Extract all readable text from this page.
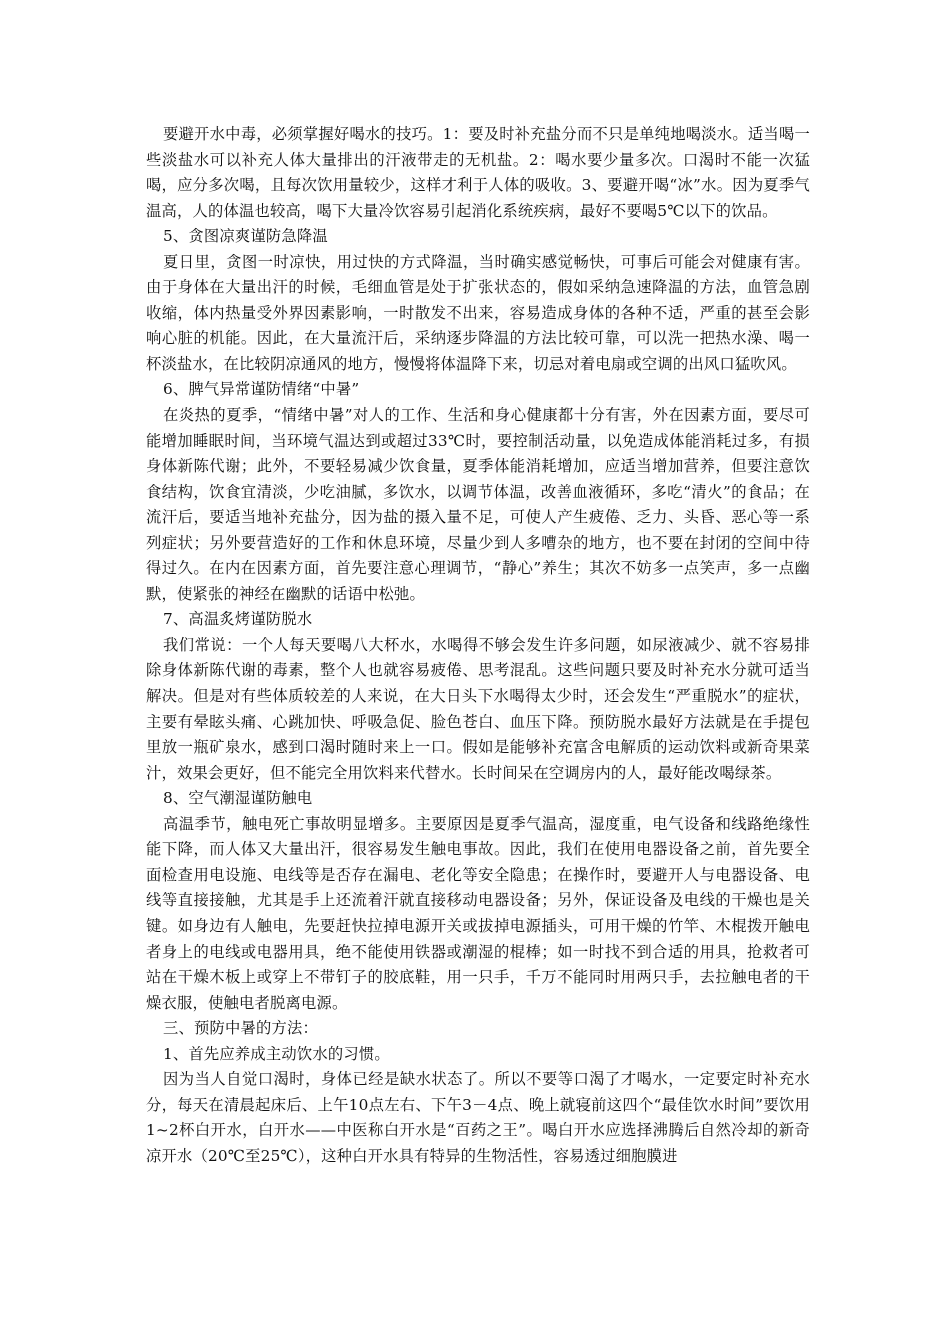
要避开水中毒，必须掌握好喝水的技巧。1：要及时补充盐分而不只是单纯地喝淡水。适当喝一些淡盐水可以补充人体大量排出的汗液带走的无机盐。2：喝水要少量多次。口渴时不能一次猛喝，应分多次喝，且每次饮用量较少，这样才利于人体的吸收。3、要避开喝“冰”水。因为夏季气温高，人的体温也较高，喝下大量冷饮容易引起消化系统疾病，最好不要喝5℃以下的饮品。

5、贪图凉爽谨防急降温

夏日里，贪图一时凉快，用过快的方式降温，当时确实感觉畅快，可事后可能会对健康有害。由于身体在大量出汗的时候，毛细血管是处于扩张状态的，假如采纳急速降温的方法，血管急剧收缩，体内热量受外界因素影响，一时散发不出来，容易造成身体的各种不适，严重的甚至会影响心脏的机能。因此，在大量流汗后，采纳逐步降温的方法比较可靠，可以洗一把热水澡、喝一杯淡盐水，在比较阴凉通风的地方，慢慢将体温降下来，切忌对着电扇或空调的出风口猛吹风。

6、脾气异常谨防情绪“中暑”

在炎热的夏季，“情绪中暑”对人的工作、生活和身心健康都十分有害，外在因素方面，要尽可能增加睡眠时间，当环境气温达到或超过33℃时，要控制活动量，以免造成体能消耗过多，有损身体新陈代谢；此外，不要轻易减少饮食量，夏季体能消耗增加，应适当增加营养，但要注意饮食结构，饮食宜清淡，少吃油腻，多饮水，以调节体温，改善血液循环，多吃“清火”的食品；在流汗后，要适当地补充盐分，因为盐的摄入量不足，可使人产生疲倦、乏力、头昏、恶心等一系列症状；另外要营造好的工作和休息环境，尽量少到人多嘈杂的地方，也不要在封闭的空间中待得过久。在内在因素方面，首先要注意心理调节，“静心”养生；其次不妨多一点笑声，多一点幽默，使紧张的神经在幽默的话语中松弛。

7、高温炙烤谨防脱水

我们常说：一个人每天要喝八大杯水，水喝得不够会发生许多问题，如尿液减少、就不容易排除身体新陈代谢的毒素，整个人也就容易疲倦、思考混乱。这些问题只要及时补充水分就可适当解决。但是对有些体质较差的人来说，在大日头下水喝得太少时，还会发生“严重脱水”的症状，主要有晕眩头痛、心跳加快、呼吸急促、脸色苍白、血压下降。预防脱水最好方法就是在手提包里放一瓶矿泉水，感到口渴时随时来上一口。假如是能够补充富含电解质的运动饮料或新奇果菜汁，效果会更好，但不能完全用饮料来代替水。长时间呆在空调房内的人，最好能改喝绿茶。

8、空气潮湿谨防触电

高温季节，触电死亡事故明显增多。主要原因是夏季气温高，湿度重，电气设备和线路绝缘性能下降，而人体又大量出汗，很容易发生触电事故。因此，我们在使用电器设备之前，首先要全面检查用电设施、电线等是否存在漏电、老化等安全隐患；在操作时，要避开人与电器设备、电线等直接接触，尤其是手上还流着汗就直接移动电器设备；另外，保证设备及电线的干燥也是关键。如身边有人触电，先要赶快拉掉电源开关或拔掉电源插头，可用干燥的竹竿、木棍拨开触电者身上的电线或电器用具，绝不能使用铁器或潮湿的棍棒；如一时找不到合适的用具，抢救者可站在干燥木板上或穿上不带钉子的胶底鞋，用一只手，千万不能同时用两只手，去拉触电者的干燥衣服，使触电者脱离电源。

三、预防中暑的方法：

1、首先应养成主动饮水的习惯。

因为当人自觉口渴时，身体已经是缺水状态了。所以不要等口渴了才喝水，一定要定时补充水分，每天在清晨起床后、上午10点左右、下午3－4点、晚上就寝前这四个“最佳饮水时间”要饮用1~2杯白开水，白开水——中医称白开水是“百药之王”。喝白开水应选择沸腾后自然冷却的新奇凉开水（20℃至25℃），这种白开水具有特异的生物活性，容易透过细胞膜进
